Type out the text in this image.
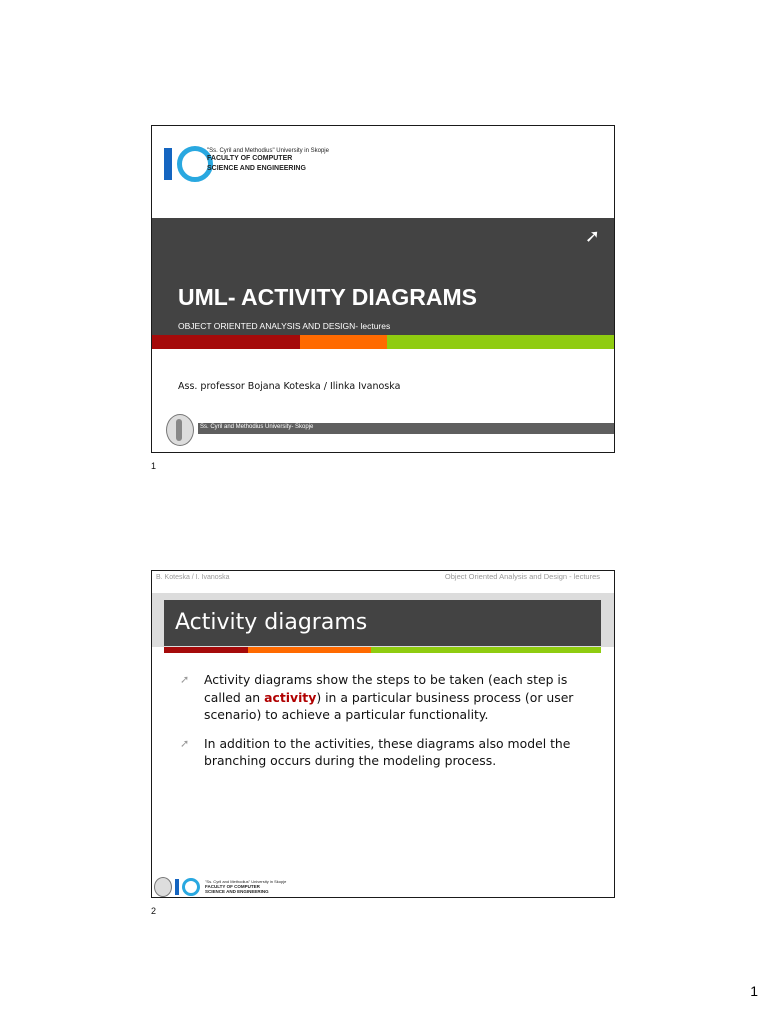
"Ss. Cyril and Methodius" University in Skopje
FACULTY OF COMPUTER
SCIENCE AND ENGINEERING
➚
UML- ACTIVITY DIAGRAMS
OBJECT ORIENTED ANALYSIS AND DESIGN- lectures
Ass. professor Bojana Koteska / Ilinka Ivanoska
Ss. Cyril and Methodius University- Skopje
1
B. Koteska / I. Ivanoska	Object Oriented Analysis and Design - lectures
Activity diagrams
➚	Activity diagrams show the steps to be taken (each step is called an activity) in a particular business process (or user scenario) to achieve a particular functionality.
➚	In addition to the activities, these diagrams also model the branching occurs during the modeling process.
"Ss. Cyril and Methodius" University in Skopje
FACULTY OF COMPUTER
SCIENCE AND ENGINEERING
2
1
